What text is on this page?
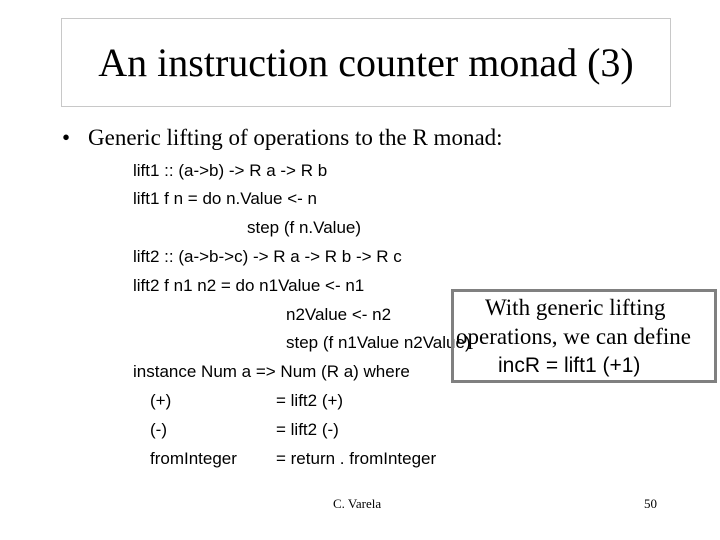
An instruction counter monad (3)
• Generic lifting of operations to the R monad:
lift1 :: (a->b) -> R a -> R b
lift1 f n = do n.Value <- n
step (f n.Value)
lift2 :: (a->b->c) -> R a -> R b -> R c
lift2 f n1 n2 = do n1Value <- n1
n2Value <- n2
step (f n1Value n2Value)
instance Num a => Num (R a) where
(+)	= lift2 (+)
(-)	= lift2 (-)
fromInteger = return . fromInteger
With generic lifting
operations, we can define
incR = lift1 (+1)
C. Varela	50
